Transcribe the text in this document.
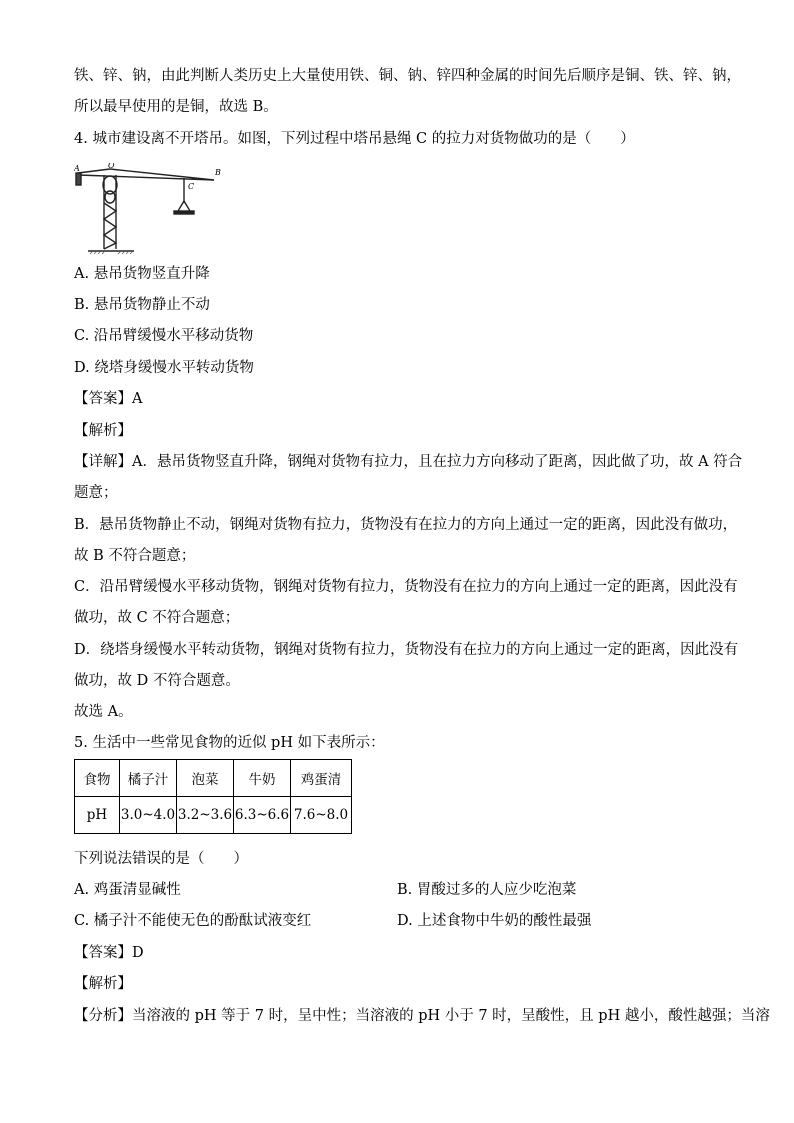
铁、锌、钠，由此判断人类历史上大量使用铁、铜、钠、锌四种金属的时间先后顺序是铜、铁、锌、钠，
所以最早使用的是铜，故选 B。
4. 城市建设离不开塔吊。如图，下列过程中塔吊悬绳 C 的拉力对货物做功的是（　　）
A	O
B
C
A. 悬吊货物竖直升降
B. 悬吊货物静止不动
C. 沿吊臂缓慢水平移动货物
D. 绕塔身缓慢水平转动货物
【答案】A
【解析】
【详解】A．悬吊货物竖直升降，钢绳对货物有拉力，且在拉力方向移动了距离，因此做了功，故 A 符合
题意；
B．悬吊货物静止不动，钢绳对货物有拉力，货物没有在拉力的方向上通过一定的距离，因此没有做功，
故 B 不符合题意；
C．沿吊臂缓慢水平移动货物，钢绳对货物有拉力，货物没有在拉力的方向上通过一定的距离，因此没有
做功，故 C 不符合题意；
D．绕塔身缓慢水平转动货物，钢绳对货物有拉力，货物没有在拉力的方向上通过一定的距离，因此没有
做功，故 D 不符合题意。
故选 A。
5. 生活中一些常见食物的近似 pH 如下表所示：
食物	橘子汁	泡菜	牛奶	鸡蛋清
pH	3.0~4.0	3.2~3.6	6.3~6.6	7.6~8.0
下列说法错误的是（　　）
A. 鸡蛋清显碱性	B. 胃酸过多的人应少吃泡菜
C. 橘子汁不能使无色的酚酞试液变红	D. 上述食物中牛奶的酸性最强
【答案】D
【解析】
【分析】当溶液的 pH 等于 7 时，呈中性；当溶液的 pH 小于 7 时，呈酸性，且 pH 越小，酸性越强；当溶
